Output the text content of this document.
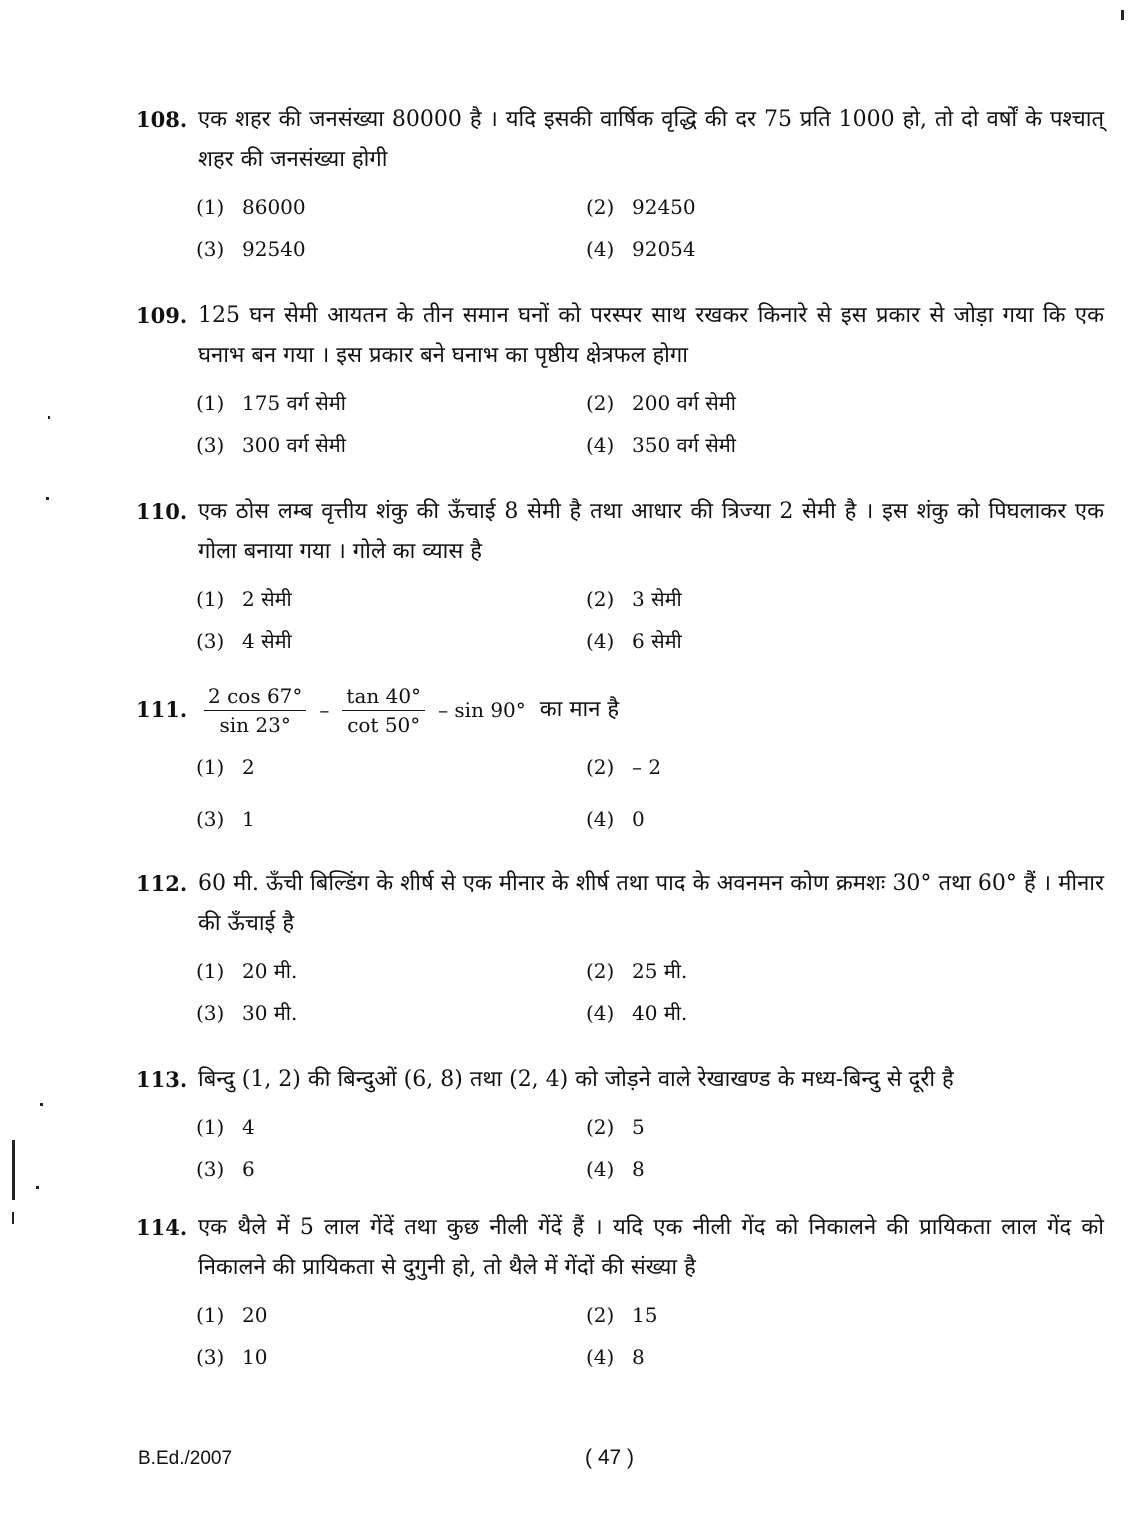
108. एक शहर की जनसंख्या 80000 है । यदि इसकी वार्षिक वृद्धि की दर 75 प्रति 1000 हो, तो दो वर्षों के पश्चात् शहर की जनसंख्या होगी
(1) 86000	(2) 92450
(3) 92540	(4) 92054
109. 125 घन सेमी आयतन के तीन समान घनों को परस्पर साथ रखकर किनारे से इस प्रकार से जोड़ा गया कि एक घनाभ बन गया । इस प्रकार बने घनाभ का पृष्ठीय क्षेत्रफल होगा
(1) 175 वर्ग सेमी	(2) 200 वर्ग सेमी
(3) 300 वर्ग सेमी	(4) 350 वर्ग सेमी
110. एक ठोस लम्ब वृत्तीय शंकु की ऊँचाई 8 सेमी है तथा आधार की त्रिज्या 2 सेमी है । इस शंकु को पिघलाकर एक गोला बनाया गया । गोले का व्यास है
(1) 2 सेमी	(2) 3 सेमी
(3) 4 सेमी	(4) 6 सेमी
111. $\frac{2 \cos 67^\circ}{\sin 23^\circ} - \frac{\tan 40^\circ}{\cot 50^\circ}$ – sin 90° का मान है
(1) 2	(2) – 2
(3) 1	(4) 0
112. 60 मी. ऊँची बिल्डिंग के शीर्ष से एक मीनार के शीर्ष तथा पाद के अवनमन कोण क्रमशः 30° तथा 60° हैं । मीनार की ऊँचाई है
(1) 20 मी.	(2) 25 मी.
(3) 30 मी.	(4) 40 मी.
113. बिन्दु (1, 2) की बिन्दुओं (6, 8) तथा (2, 4) को जोड़ने वाले रेखाखण्ड के मध्य-बिन्दु से दूरी है
(1) 4	(2) 5
(3) 6	(4) 8
114. एक थैले में 5 लाल गेंदें तथा कुछ नीली गेंदें हैं । यदि एक नीली गेंद को निकालने की प्रायिकता लाल गेंद को निकालने की प्रायिकता से दुगुनी हो, तो थैले में गेंदों की संख्या है
(1) 20	(2) 15
(3) 10	(4) 8
B.Ed./2007	( 47 )
